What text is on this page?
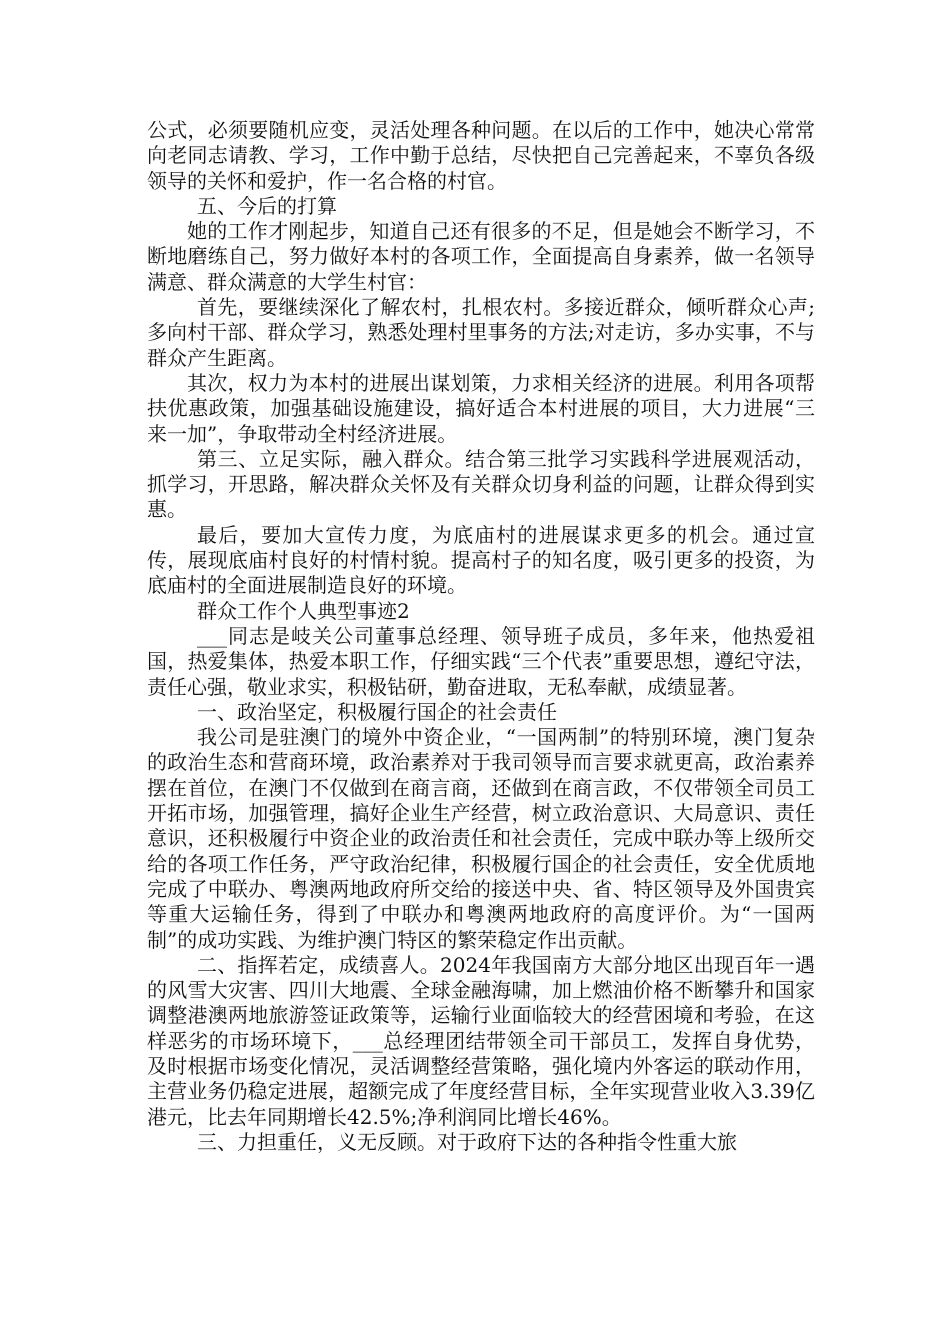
公式，必须要随机应变，灵活处理各种问题。在以后的工作中，她决心常常向老同志请教、学习，工作中勤于总结，尽快把自己完善起来，不辜负各级领导的关怀和爱护，作一名合格的村官。

五、今后的打算

她的工作才刚起步，知道自己还有很多的不足，但是她会不断学习，不断地磨练自己，努力做好本村的各项工作，全面提高自身素养，做一名领导满意、群众满意的大学生村官：

首先，要继续深化了解农村，扎根农村。多接近群众，倾听群众心声;多向村干部、群众学习，熟悉处理村里事务的方法;对走访，多办实事，不与群众产生距离。

其次，权力为本村的进展出谋划策，力求相关经济的进展。利用各项帮扶优惠政策，加强基础设施建设，搞好适合本村进展的项目，大力进展“三来一加”，争取带动全村经济进展。

第三、立足实际，融入群众。结合第三批学习实践科学进展观活动，抓学习，开思路，解决群众关怀及有关群众切身利益的问题，让群众得到实惠。

最后，要加大宣传力度，为底庙村的进展谋求更多的机会。通过宣传，展现底庙村良好的村情村貌。提高村子的知名度，吸引更多的投资，为底庙村的全面进展制造良好的环境。

群众工作个人典型事迹2

___同志是岐关公司董事总经理、领导班子成员，多年来，他热爱祖国，热爱集体，热爱本职工作，仔细实践“三个代表”重要思想，遵纪守法，责任心强，敬业求实，积极钻研，勤奋进取，无私奉献，成绩显著。

一、政治坚定，积极履行国企的社会责任

我公司是驻澳门的境外中资企业，“一国两制”的特别环境，澳门复杂的政治生态和营商环境，政治素养对于我司领导而言要求就更高，政治素养摆在首位，在澳门不仅做到在商言商，还做到在商言政，不仅带领全司员工开拓市场，加强管理，搞好企业生产经营，树立政治意识、大局意识、责任意识，还积极履行中资企业的政治责任和社会责任，完成中联办等上级所交给的各项工作任务，严守政治纪律，积极履行国企的社会责任，安全优质地完成了中联办、粤澳两地政府所交给的接送中央、省、特区领导及外国贵宾等重大运输任务，得到了中联办和粤澳两地政府的高度评价。为“一国两制”的成功实践、为维护澳门特区的繁荣稳定作出贡献。

二、指挥若定，成绩喜人。2024年我国南方大部分地区出现百年一遇的风雪大灾害、四川大地震、全球金融海啸，加上燃油价格不断攀升和国家调整港澳两地旅游签证政策等，运输行业面临较大的经营困境和考验，在这样恶劣的市场环境下，___总经理团结带领全司干部员工，发挥自身优势，及时根据市场变化情况，灵活调整经营策略，强化境内外客运的联动作用，主营业务仍稳定进展，超额完成了年度经营目标，全年实现营业收入3.39亿港元，比去年同期增长42.5%;净利润同比增长46%。

三、力担重任，义无反顾。对于政府下达的各种指令性重大旅
